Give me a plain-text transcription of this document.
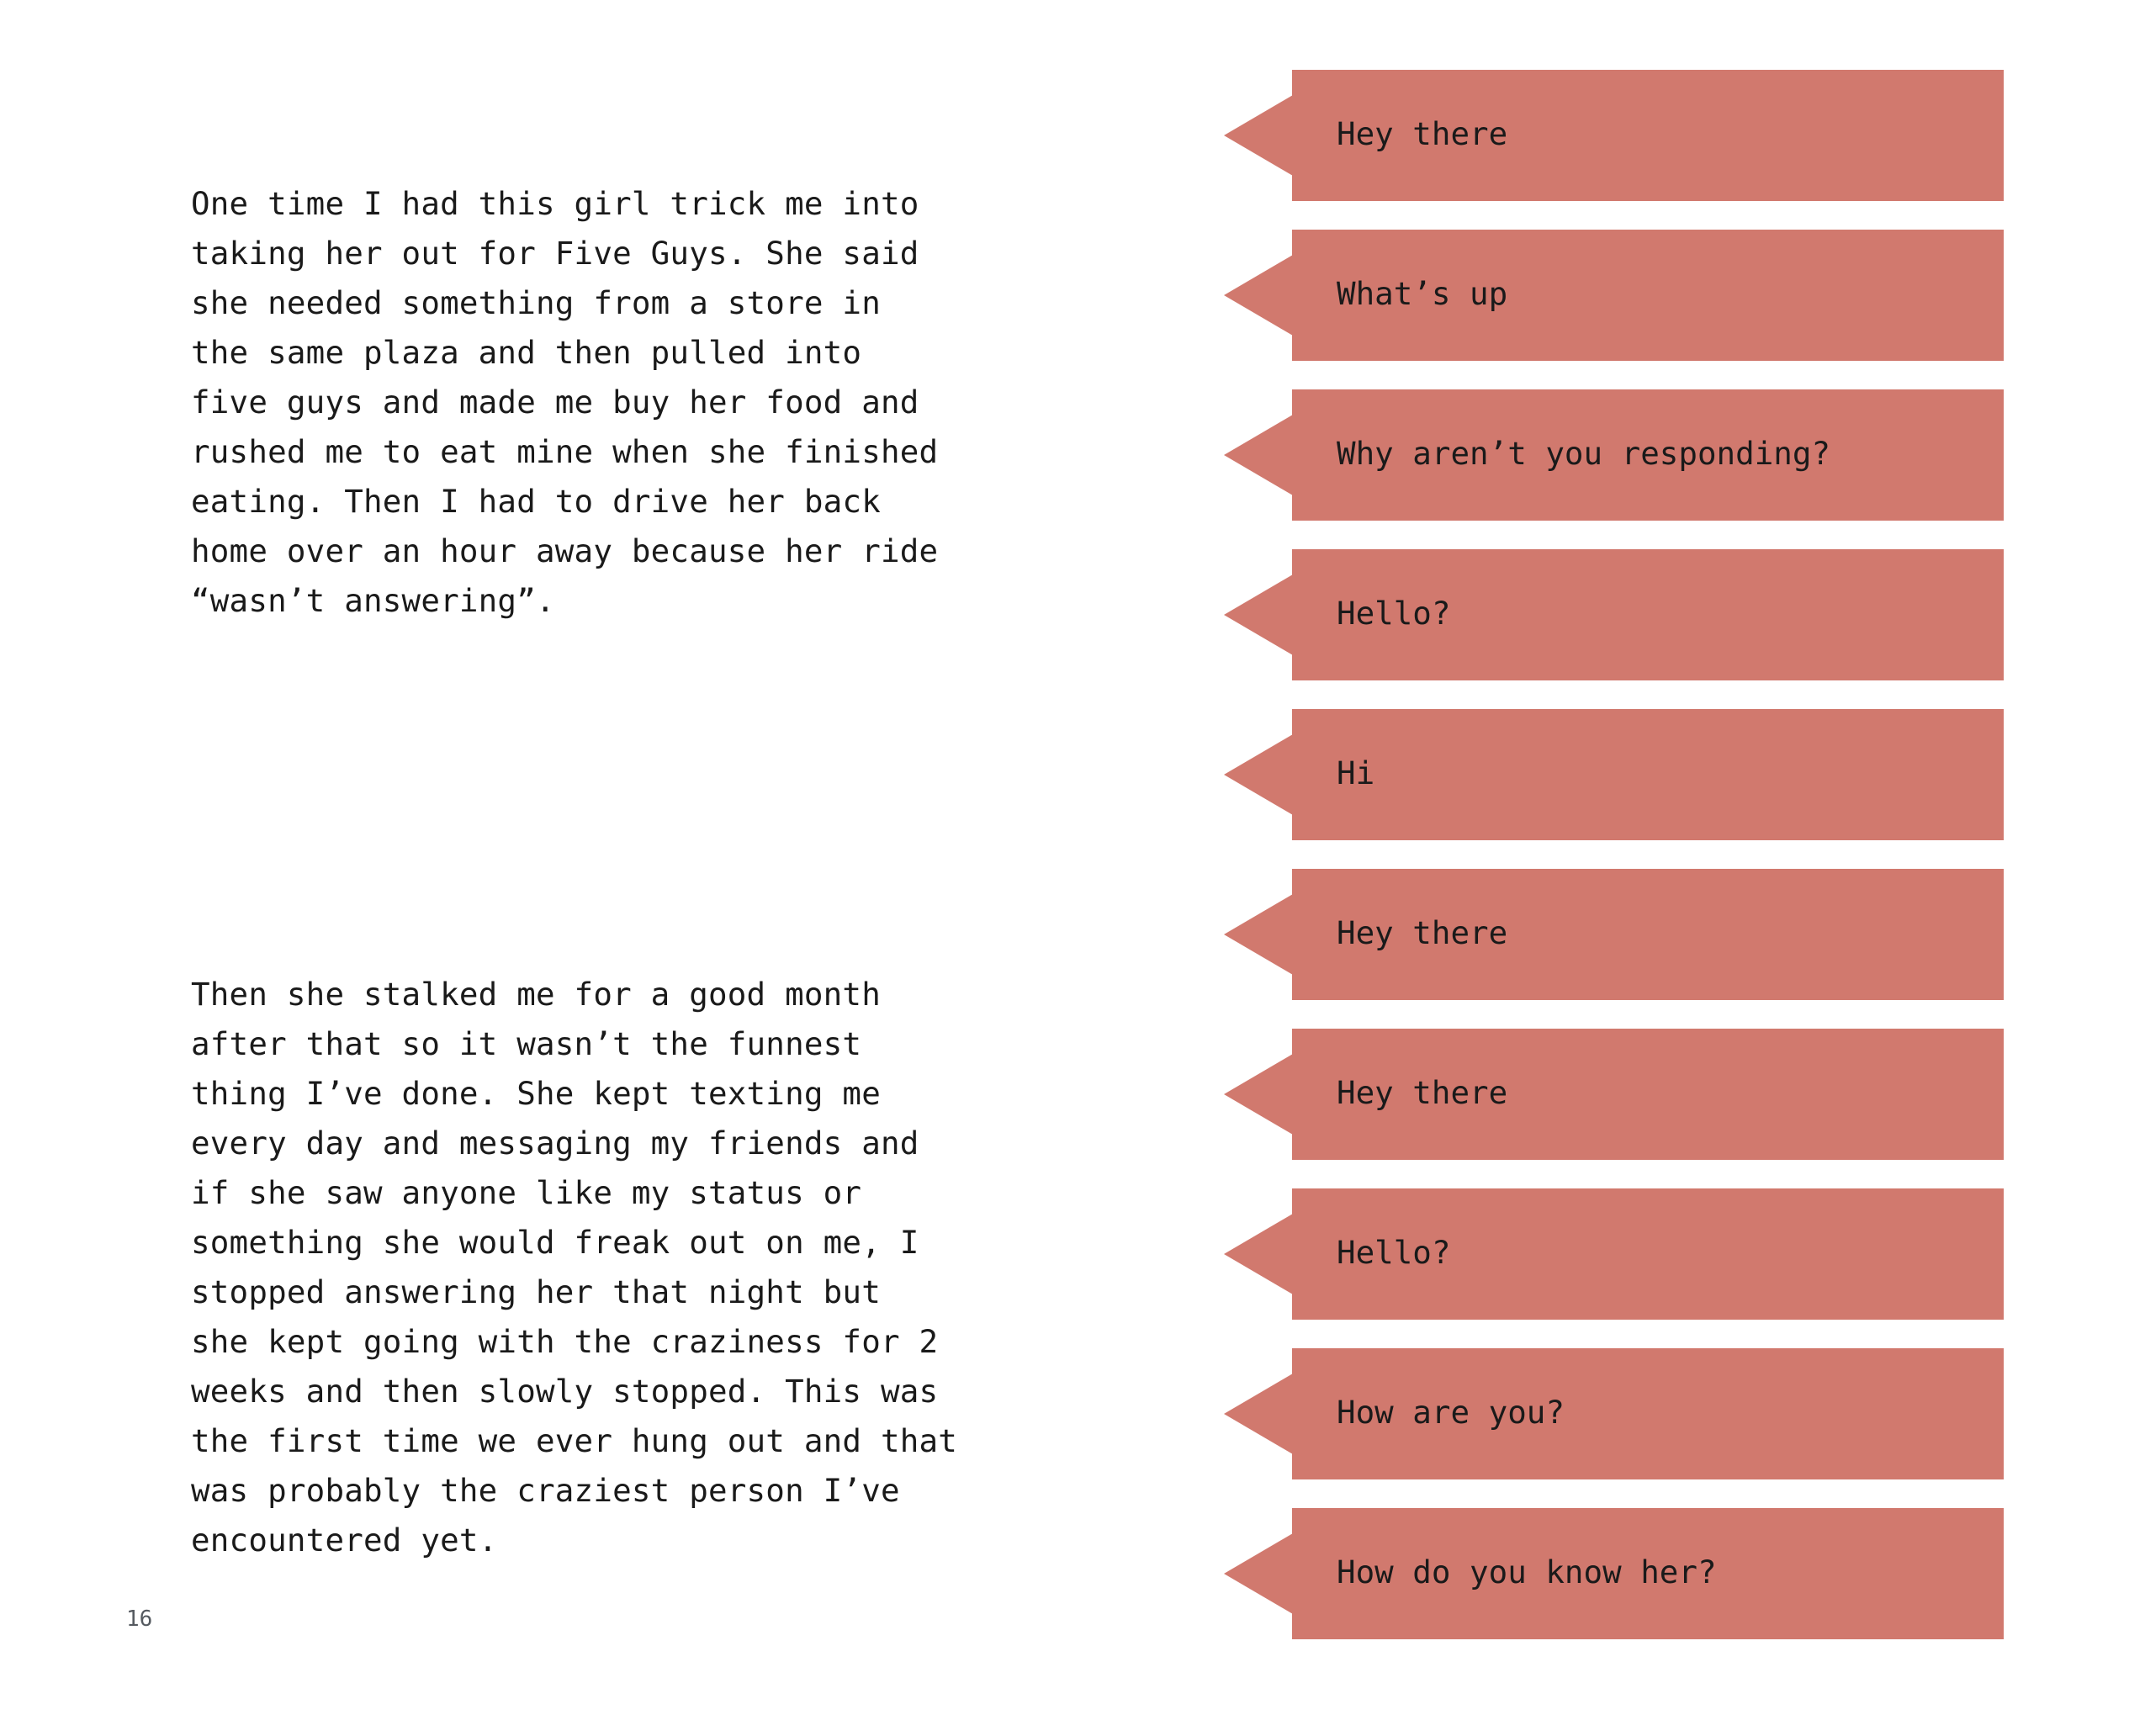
One time I had this girl trick me into
taking her out for Five Guys. She said
she needed something from a store in
the same plaza and then pulled into
five guys and made me buy her food and
rushed me to eat mine when she finished
eating. Then I had to drive her back
home over an hour away because her ride
“wasn’t answering”.

Then she stalked me for a good month
after that so it wasn’t the funnest
thing I’ve done. She kept texting me
every day and messaging my friends and
if she saw anyone like my status or
something she would freak out on me, I
stopped answering her that night but
she kept going with the craziness for 2
weeks and then slowly stopped. This was
the first time we ever hung out and that
was probably the craziest person I’ve
encountered yet.

16
Hey there
What’s up
Why aren’t you responding?
Hello?
Hi
Hey there
Hey there
Hello?
How are you?
How do you know her?
